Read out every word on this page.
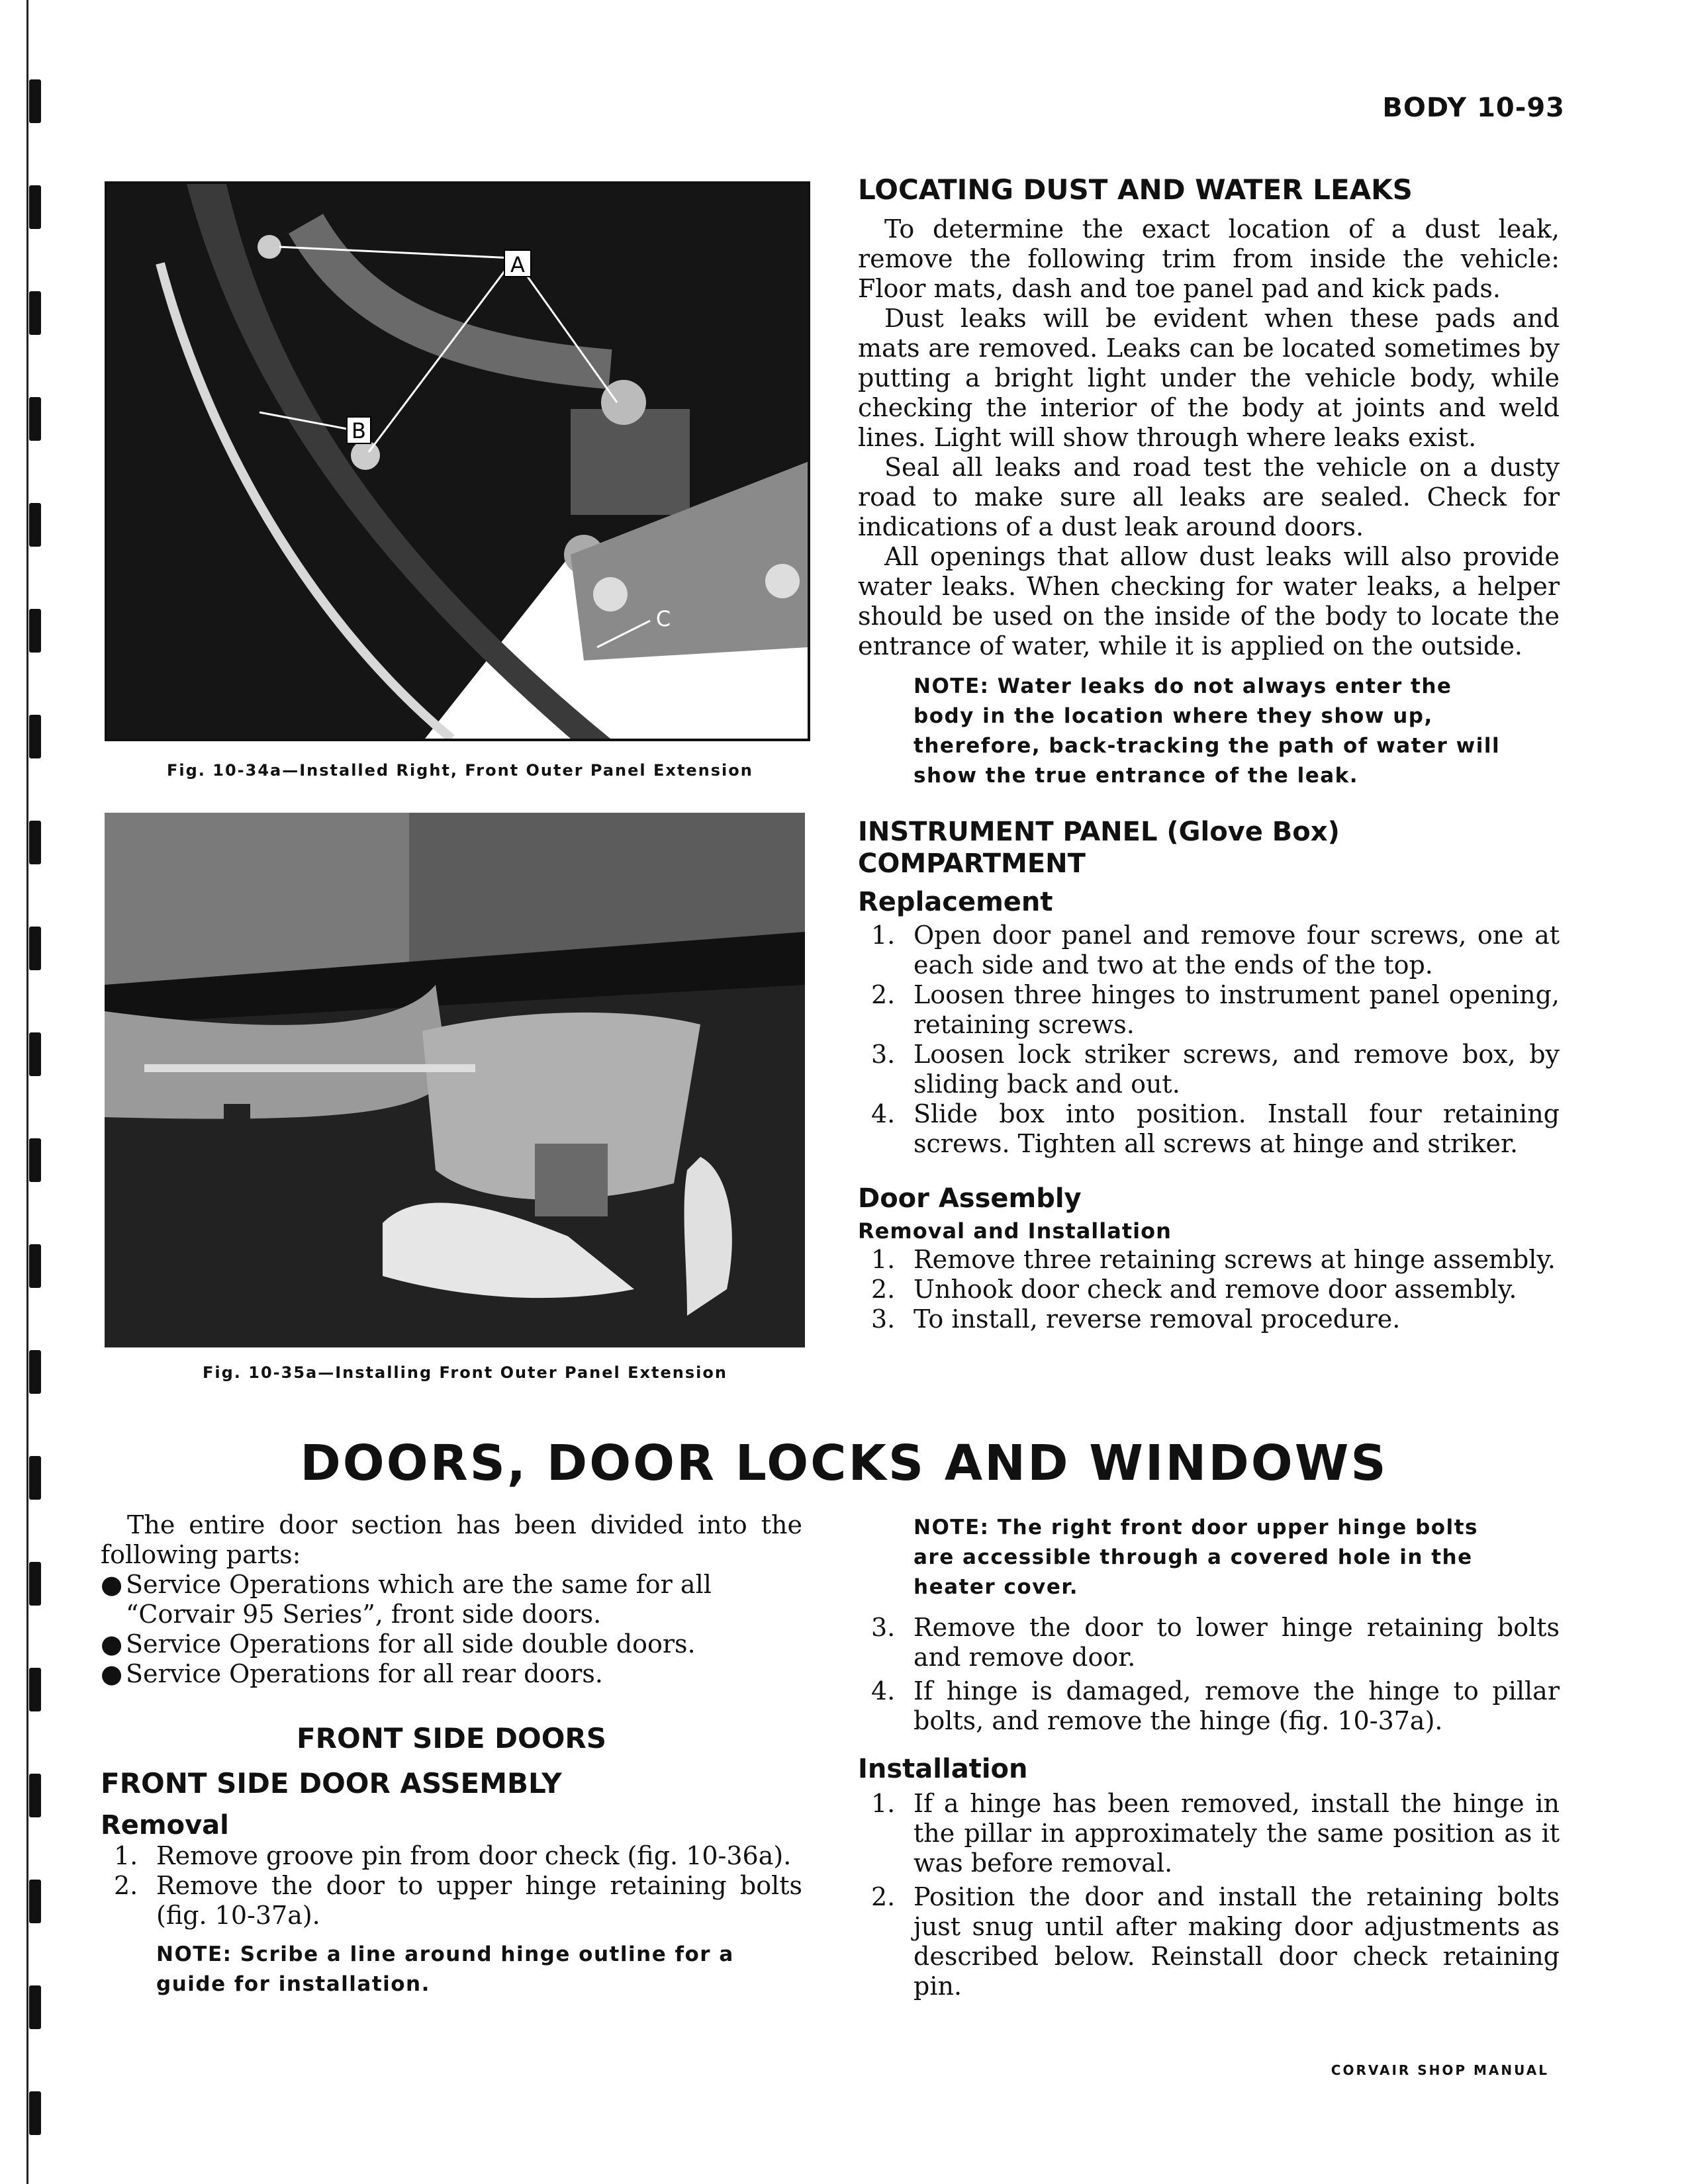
BODY 10-93
A
B
C
Fig. 10-34a—Installed Right, Front Outer Panel Extension
Fig. 10-35a—Installing Front Outer Panel Extension
LOCATING DUST AND WATER LEAKS

To determine the exact location of a dust leak, remove the following trim from inside the vehicle: Floor mats, dash and toe panel pad and kick pads.

Dust leaks will be evident when these pads and mats are removed. Leaks can be located sometimes by putting a bright light under the vehicle body, while checking the interior of the body at joints and weld lines. Light will show through where leaks exist.

Seal all leaks and road test the vehicle on a dusty road to make sure all leaks are sealed. Check for indications of a dust leak around doors.

All openings that allow dust leaks will also provide water leaks. When checking for water leaks, a helper should be used on the inside of the body to locate the entrance of water, while it is applied on the outside.

NOTE: Water leaks do not always enter the body in the location where they show up, therefore, back-tracking the path of water will show the true entrance of the leak.
INSTRUMENT PANEL (Glove Box)
COMPARTMENT
Replacement
1. Open door panel and remove four screws, one at each side and two at the ends of the top.
2. Loosen three hinges to instrument panel opening, retaining screws.
3. Loosen lock striker screws, and remove box, by sliding back and out.
4. Slide box into position. Install four retaining screws. Tighten all screws at hinge and striker.
Door Assembly
Removal and Installation
1. Remove three retaining screws at hinge assembly.
2. Unhook door check and remove door assembly.
3. To install, reverse removal procedure.
DOORS, DOOR LOCKS AND WINDOWS

The entire door section has been divided into the following parts:

● Service Operations which are the same for all “Corvair 95 Series”, front side doors.
● Service Operations for all side double doors.
● Service Operations for all rear doors.
FRONT SIDE DOORS
FRONT SIDE DOOR ASSEMBLY
Removal
1. Remove groove pin from door check (fig. 10-36a).
2. Remove the door to upper hinge retaining bolts (fig. 10-37a).
NOTE: Scribe a line around hinge outline for a guide for installation.
NOTE: The right front door upper hinge bolts are accessible through a covered hole in the heater cover.
3. Remove the door to lower hinge retaining bolts and remove door.
4. If hinge is damaged, remove the hinge to pillar bolts, and remove the hinge (fig. 10-37a).
Installation
1. If a hinge has been removed, install the hinge in the pillar in approximately the same position as it was before removal.
2. Position the door and install the retaining bolts just snug until after making door adjustments as described below. Reinstall door check retaining pin.
CORVAIR SHOP MANUAL
